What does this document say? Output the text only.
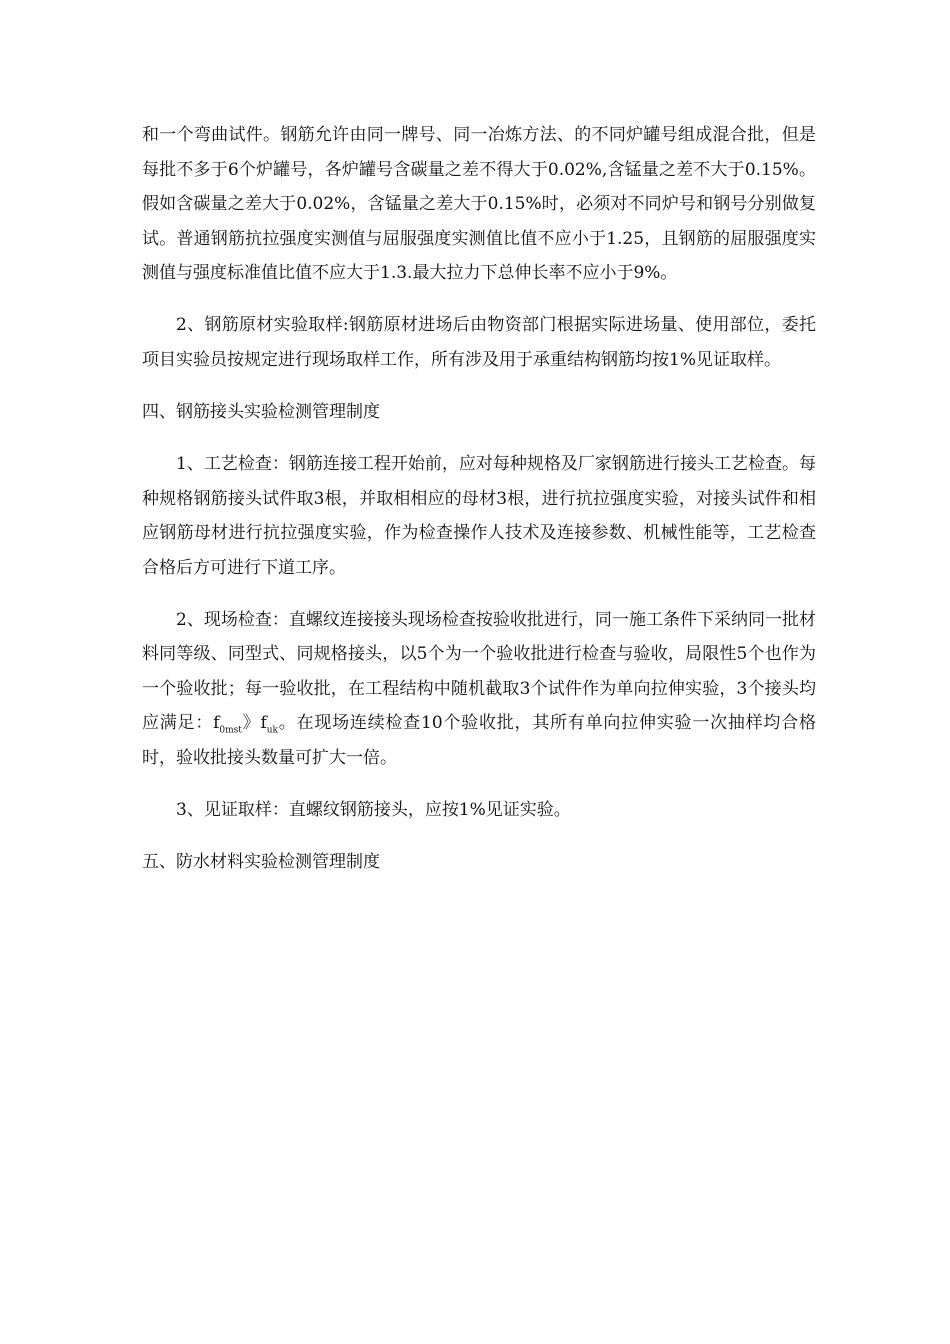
和一个弯曲试件。钢筋允许由同一牌号、同一冶炼方法、的不同炉罐号组成混合批，但是每批不多于6个炉罐号，各炉罐号含碳量之差不得大于0.02%,含锰量之差不大于0.15%。假如含碳量之差大于0.02%，含锰量之差大于0.15%时，必须对不同炉号和钢号分别做复试。普通钢筋抗拉强度实测值与屈服强度实测值比值不应小于1.25，且钢筋的屈服强度实测值与强度标准值比值不应大于1.3.最大拉力下总伸长率不应小于9%。

2、钢筋原材实验取样:钢筋原材进场后由物资部门根据实际进场量、使用部位，委托项目实验员按规定进行现场取样工作，所有涉及用于承重结构钢筋均按1%见证取样。

四、钢筋接头实验检测管理制度

1、工艺检查：钢筋连接工程开始前，应对每种规格及厂家钢筋进行接头工艺检查。每种规格钢筋接头试件取3根，并取相相应的母材3根，进行抗拉强度实验，对接头试件和相应钢筋母材进行抗拉强度实验，作为检查操作人技术及连接参数、机械性能等，工艺检查合格后方可进行下道工序。

2、现场检查：直螺纹连接接头现场检查按验收批进行，同一施工条件下采纳同一批材料同等级、同型式、同规格接头，以5个为一个验收批进行检查与验收，局限性5个也作为一个验收批；每一验收批，在工程结构中随机截取3个试件作为单向拉伸实验，3个接头均应满足：$f_{0mst}$》$f_{uk}$。在现场连续检查10个验收批，其所有单向拉伸实验一次抽样均合格时，验收批接头数量可扩大一倍。

3、见证取样：直螺纹钢筋接头，应按1%见证实验。

五、防水材料实验检测管理制度
